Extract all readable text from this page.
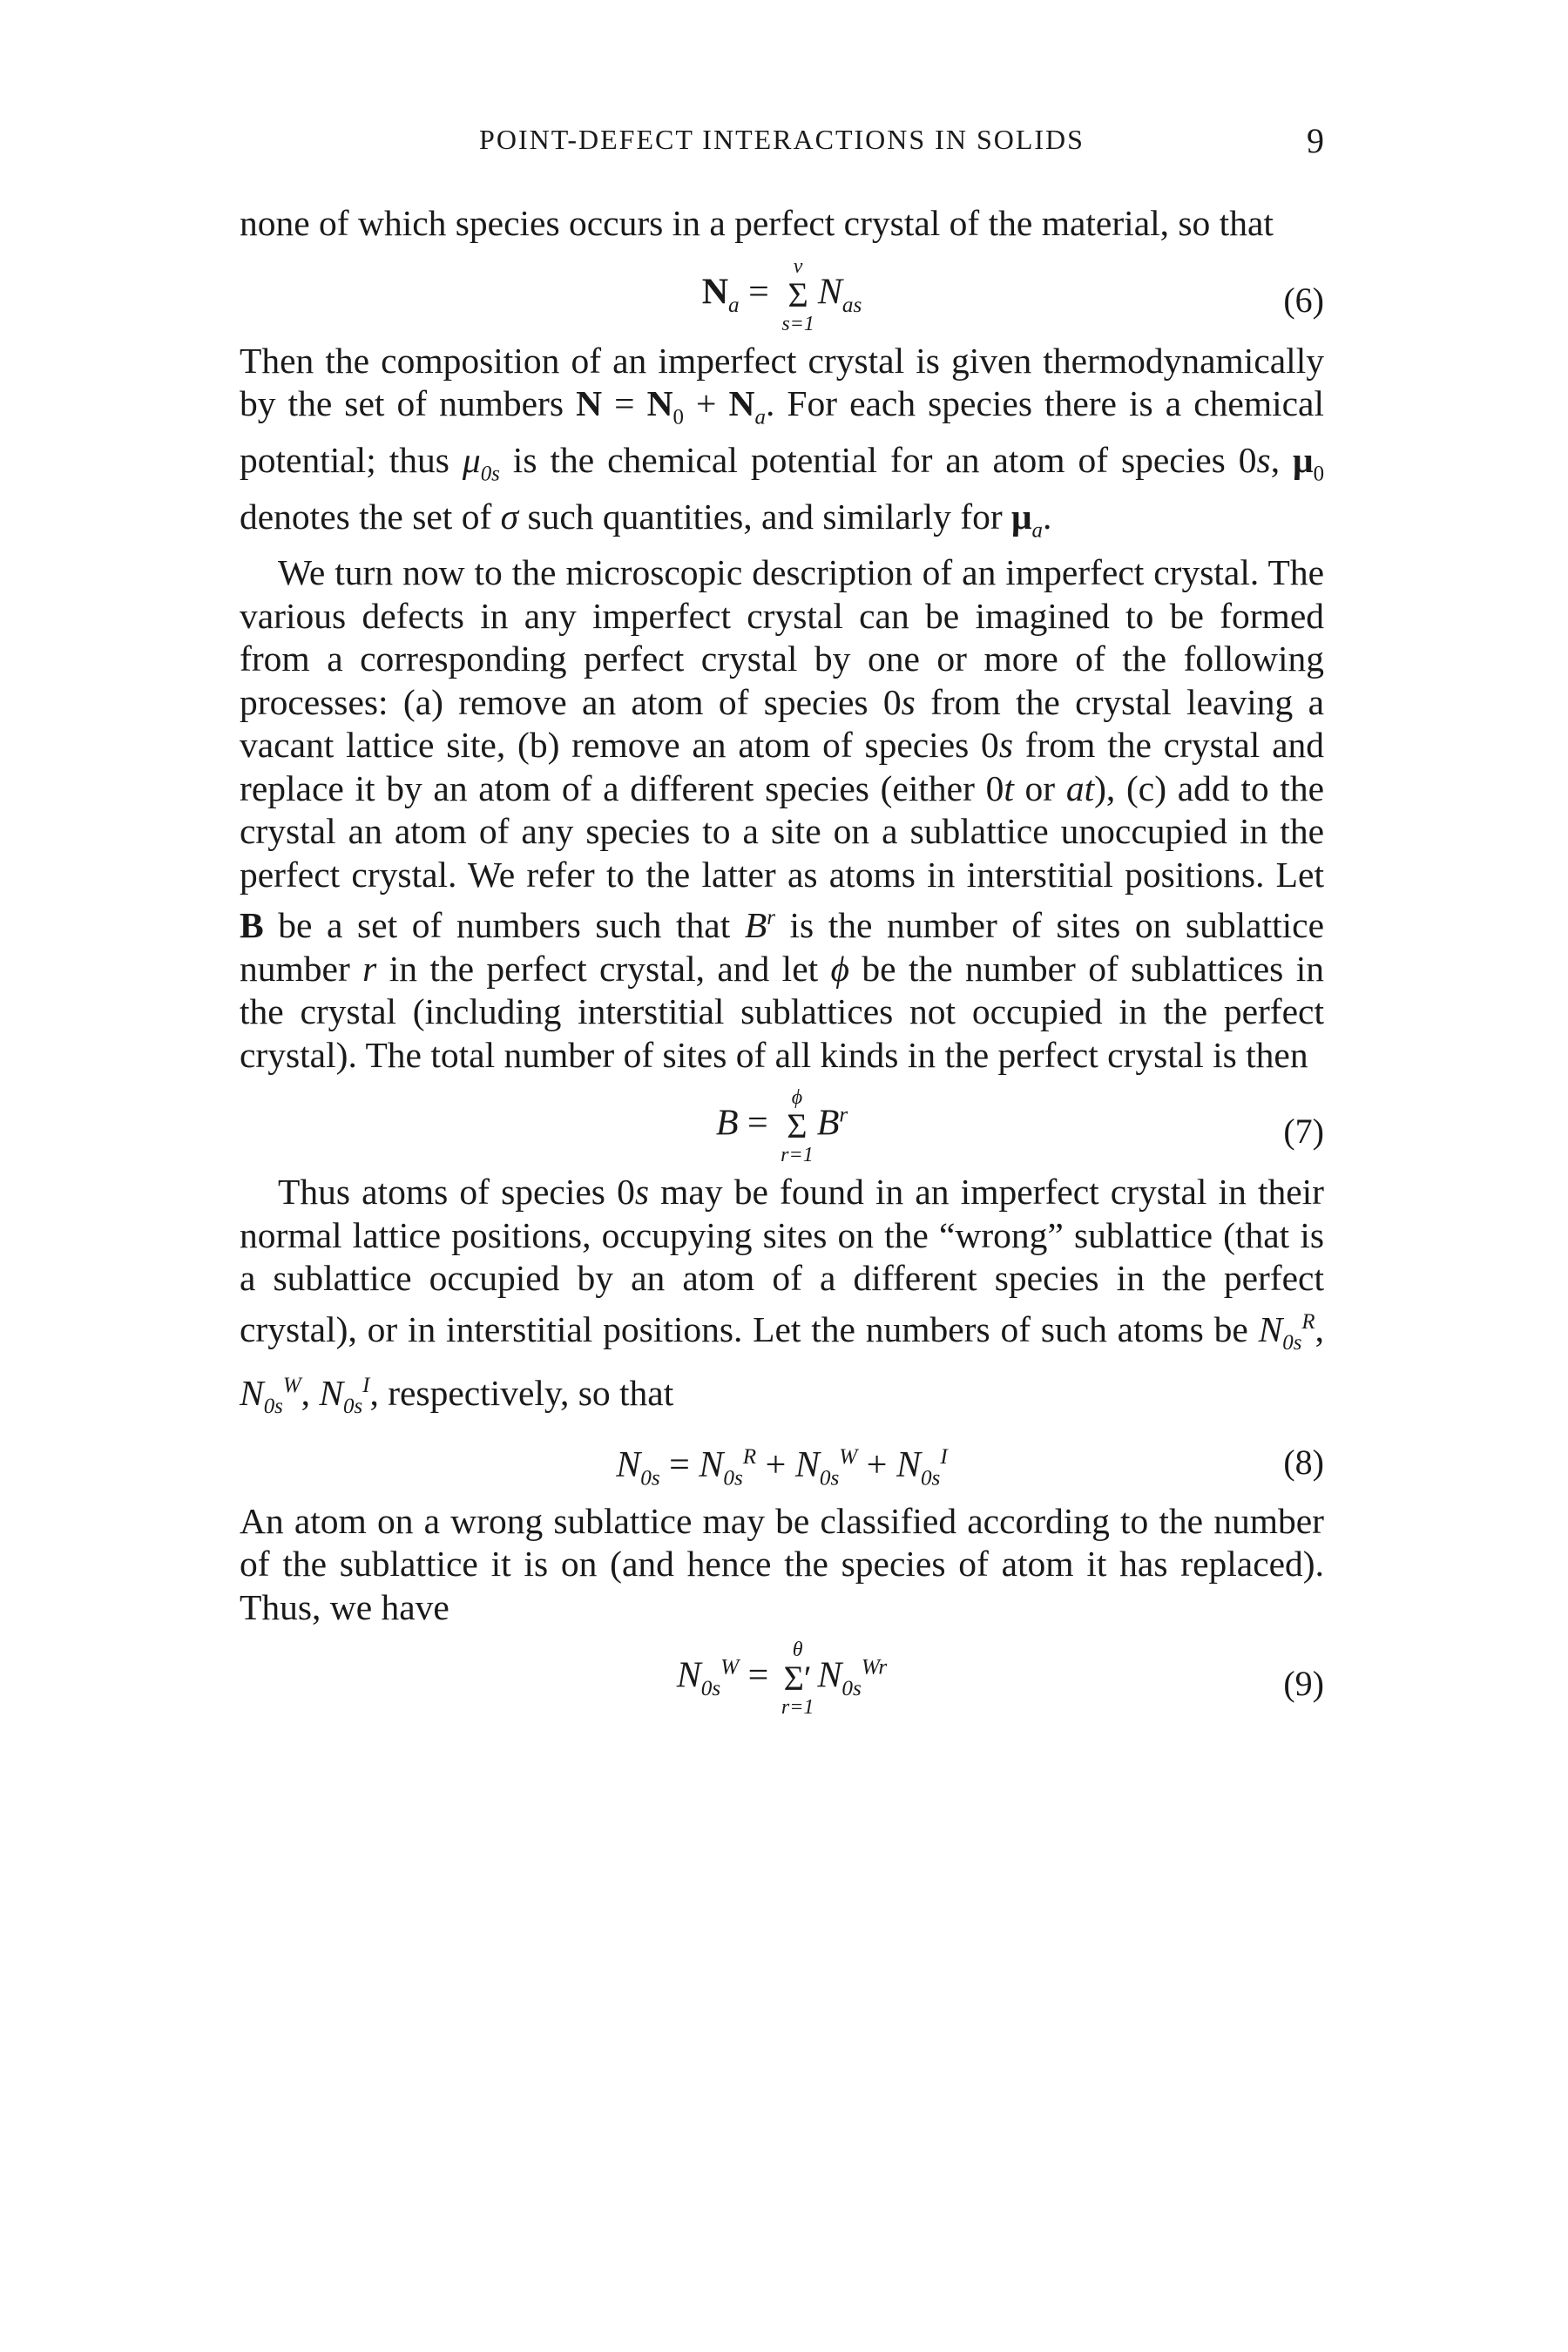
POINT-DEFECT INTERACTIONS IN SOLIDS	9

none of which species occurs in a perfect crystal of the material, so that

$N_a$ =
ν
Σ
s=1
$N_{as}$	(6)

Then the composition of an imperfect crystal is given thermodynamically by the set of numbers $N = N_0 + N_a$. For each species there is a chemical potential; thus $\mu_{0s}$ is the chemical potential for an atom of species 0s, $\mu_0$ denotes the set of σ such quantities, and similarly for $\mu_a$.

We turn now to the microscopic description of an imperfect crystal. The various defects in any imperfect crystal can be imagined to be formed from a corresponding perfect crystal by one or more of the following processes: (a) remove an atom of species 0s from the crystal leaving a vacant lattice site, (b) remove an atom of species 0s from the crystal and replace it by an atom of a different species (either 0t or at), (c) add to the crystal an atom of any species to a site on a sublattice unoccupied in the perfect crystal. We refer to the latter as atoms in interstitial positions. Let B be a set of numbers such that $B^r$ is the number of sites on sublattice number r in the perfect crystal, and let ϕ be the number of sublattices in the crystal (including interstitial sublattices not occupied in the perfect crystal). The total number of sites of all kinds in the perfect crystal is then

B =
ϕ
Σ
r=1
$B^r$	(7)

Thus atoms of species 0s may be found in an imperfect crystal in their normal lattice positions, occupying sites on the “wrong” sublattice (that is a sublattice occupied by an atom of a different species in the perfect crystal), or in interstitial positions. Let the numbers of such atoms be $N_{0s}^R$, $N_{0s}^W$, $N_{0s}^I$, respectively, so that

$N_{0s} = N_{0s}^R + N_{0s}^W + N_{0s}^I$	(8)

An atom on a wrong sublattice may be classified according to the number of the sublattice it is on (and hence the species of atom it has replaced). Thus, we have

$N_{0s}^W$ =
θ
Σ′
r=1
$N_{0s}^{Wr}$	(9)
